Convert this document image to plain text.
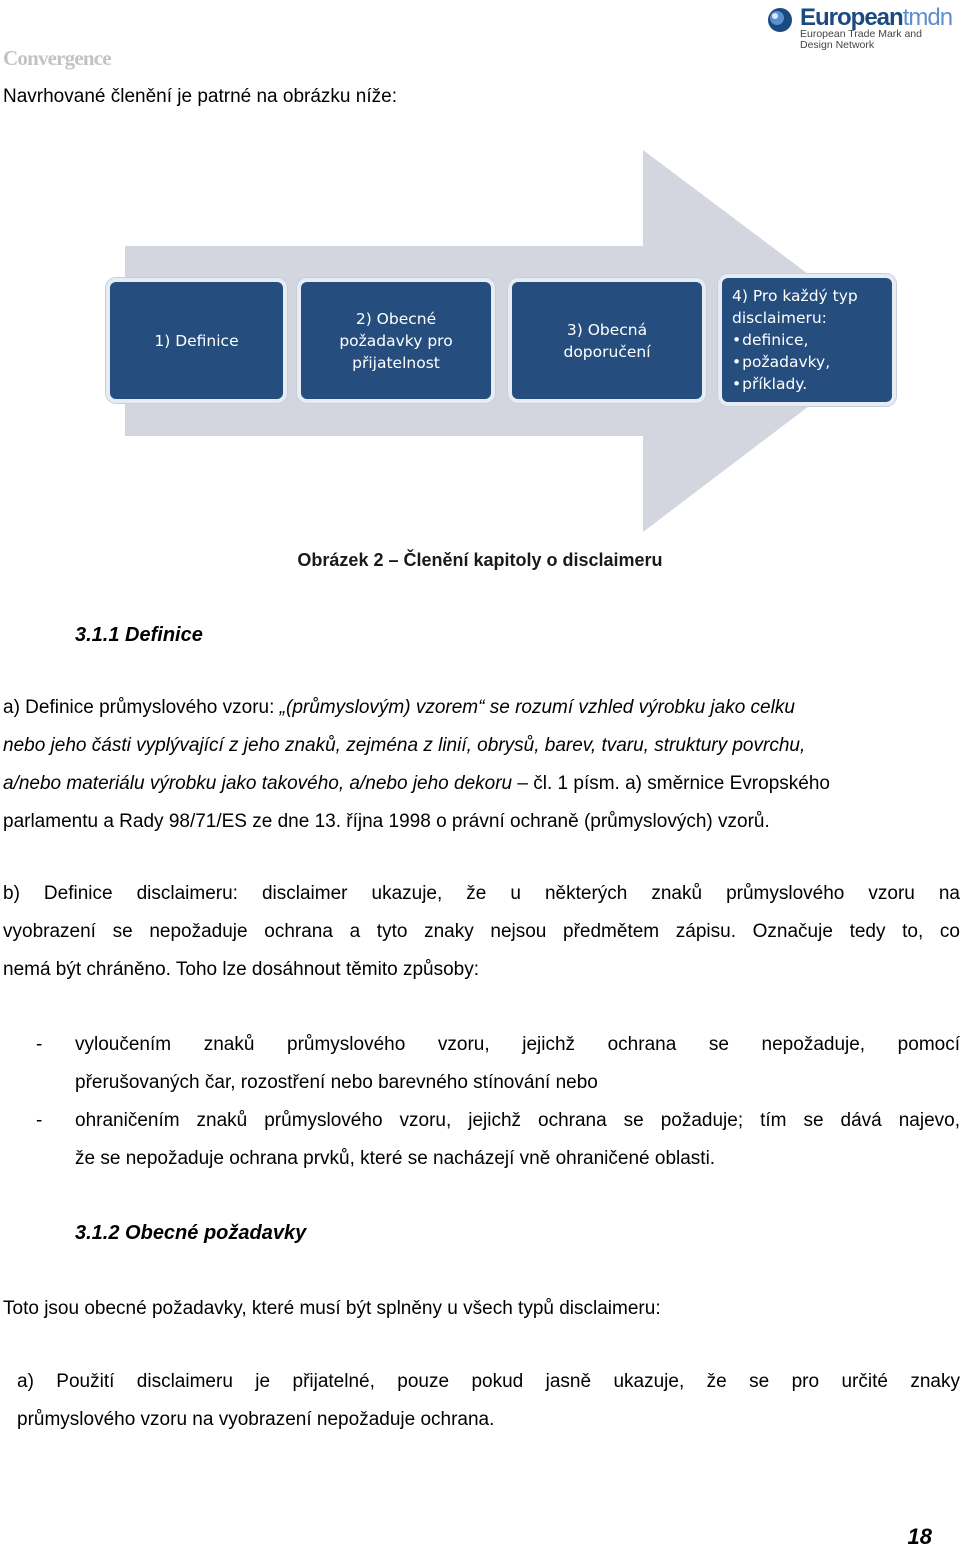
Convergence
Europeantmdn
European Trade Mark and
Design Network
Navrhované členění je patrné na obrázku níže:
1) Definice
2) Obecné
požadavky pro
přijatelnost
3) Obecná
doporučení
4) Pro každý typ
disclaimeru:
• definice,
• požadavky,
• příklady.
Obrázek 2 – Členění kapitoly o disclaimeru
3.1.1 Definice
a) Definice průmyslového vzoru: „(průmyslovým) vzorem“ se rozumí vzhled výrobku jako celku
nebo jeho části vyplývající z jeho znaků, zejména z linií, obrysů, barev, tvaru, struktury povrchu,
a/nebo materiálu výrobku jako takového, a/nebo jeho dekoru – čl. 1 písm. a) směrnice Evropského
parlamentu a Rady 98/71/ES ze dne 13. října 1998 o právní ochraně (průmyslových) vzorů.
b) Definice disclaimeru: disclaimer ukazuje, že u některých znaků průmyslového vzoru na
vyobrazení se nepožaduje ochrana a tyto znaky nejsou předmětem zápisu. Označuje tedy to, co
nemá být chráněno. Toho lze dosáhnout těmito způsoby:
- vyloučením znaků průmyslového vzoru, jejichž ochrana se nepožaduje, pomocí
přerušovaných čar, rozostření nebo barevného stínování nebo
- ohraničením znaků průmyslového vzoru, jejichž ochrana se požaduje; tím se dává najevo,
že se nepožaduje ochrana prvků, které se nacházejí vně ohraničené oblasti.
3.1.2 Obecné požadavky
Toto jsou obecné požadavky, které musí být splněny u všech typů disclaimeru:
a) Použití disclaimeru je přijatelné, pouze pokud jasně ukazuje, že se pro určité znaky
průmyslového vzoru na vyobrazení nepožaduje ochrana.
18
